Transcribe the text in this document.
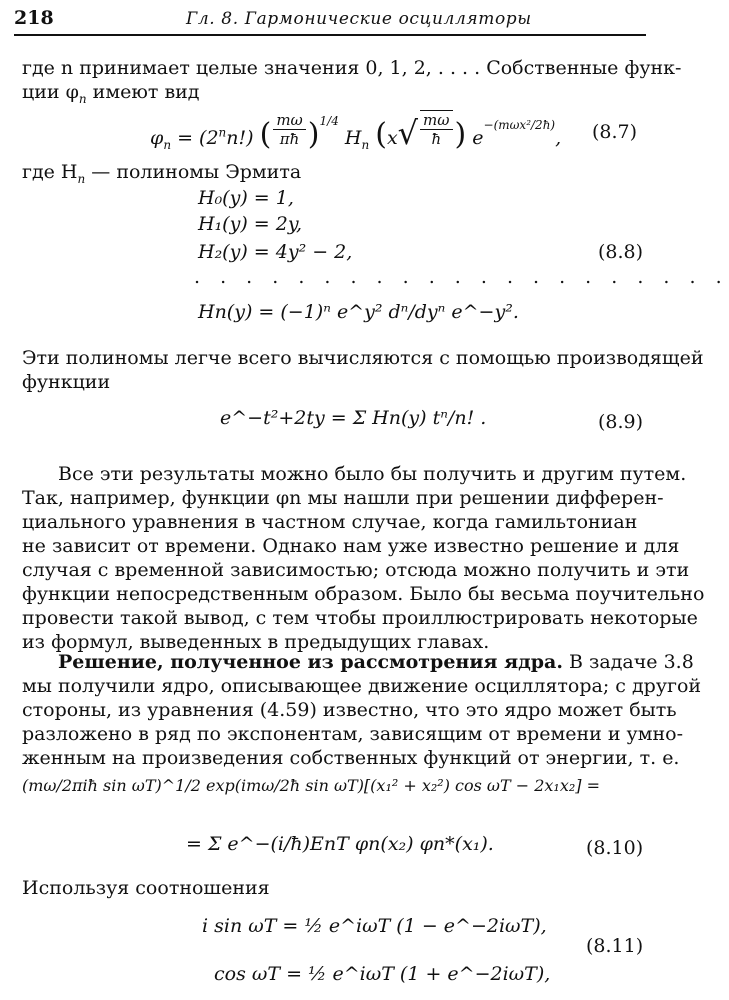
218	Гл. 8. Гармонические осцилляторы
где n принимает целые значения 0, 1, 2, . . . . Собственные функ-
ции $\varphi_n$ имеют вид
$\varphi_n = (2^nn!)$ ( $\frac{m\omega}{\pi ħ} )^{1/4}$ $H_n$ ($x√ \frac{m\omega}{ħ}$ ) $e^{-(m\omega x^2/2ħ)}$, (8.7)
где $H_n$ — полиномы Эрмита
H₀(y) = 1,
H₁(y) = 2y,
H₂(y) = 4y² − 2,	(8.8)
. . . . . . . . . . . . . . . . . . . . .
Hn(y) = (−1)ⁿ e^y² dⁿ/dyⁿ e^−y².
Эти полиномы легче всего вычисляются с помощью производящей
функции
e^−t²+2ty = Σ Hn(y) tⁿ/n! .	(8.9)
Все эти результаты можно было бы получить и другим путем.
Так, например, функции φn мы нашли при решении дифферен-
циального уравнения в частном случае, когда гамильтониан
не зависит от времени. Однако нам уже известно решение и для
случая с временной зависимостью; отсюда можно получить и эти
функции непосредственным образом. Было бы весьма поучительно
провести такой вывод, с тем чтобы проиллюстрировать некоторые
из формул, выведенных в предыдущих главах.
Решение, полученное из рассмотрения ядра. В задаче 3.8
мы получили ядро, описывающее движение осциллятора; с другой
стороны, из уравнения (4.59) известно, что это ядро может быть
разложено в ряд по экспонентам, зависящим от времени и умно-
женным на произведения собственных функций от энергии, т. е.
(mω/2πiħ sin ωT)^1/2 exp(imω/2ħ sin ωT)[(x₁² + x₂²) cos ωT − 2x₁x₂] =
= Σ e^−(i/ħ)EnT φn(x₂) φn*(x₁).	(8.10)
Используя соотношения
i sin ωT = ½ e^iωT (1 − e^−2iωT),
cos ωT = ½ e^iωT (1 + e^−2iωT),
(8.11)
